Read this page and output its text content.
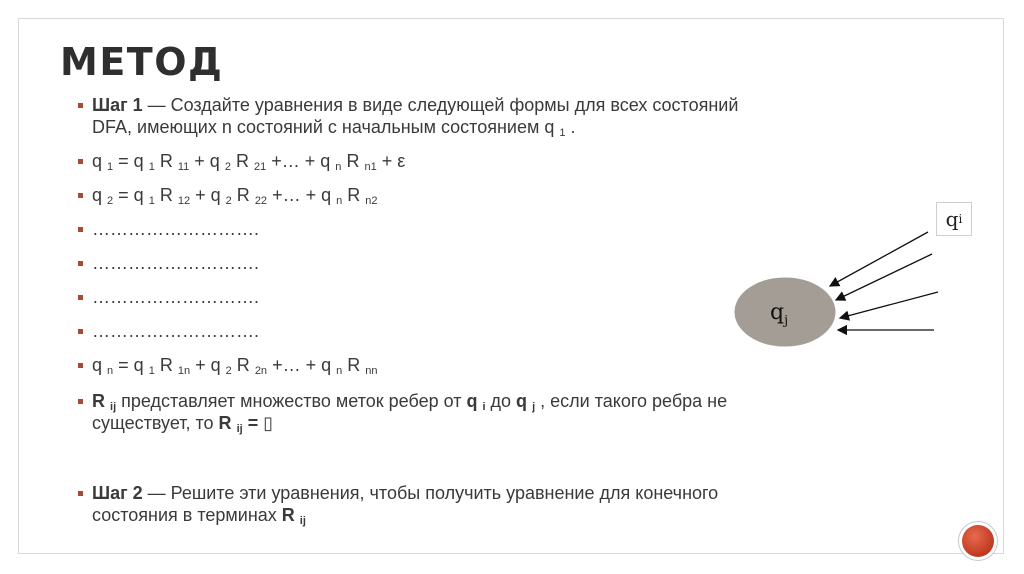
МЕТОД
Шаг 1 — Создайте уравнения в виде следующей формы для всех состояний DFA, имеющих n состояний с начальным состоянием q $_1$ .
q $_1$ = q $_1$ R $_{11}$ + q $_2$ R $_{21}$ +… + q $_n$ R $_{n1}$ + ε
q $_2$ = q $_1$ R $_{12}$ + q $_2$ R $_{22}$ +… + q $_n$ R $_{n2}$
……………………….
……………………….
……………………….
……………………….
q $_n$ = q $_1$ R $_{1n}$ + q $_2$ R $_{2n}$ +… + q $_n$ R $_{nn}$
R $_{ij}$ представляет множество меток ребер от q $_i$ до q $_j$ , если такого ребра не существует, то R $_{ij}$ = ▯
Шаг 2 — Решите эти уравнения, чтобы получить уравнение для конечного состояния в терминах R $_{ij}$
q i
$q_j$
